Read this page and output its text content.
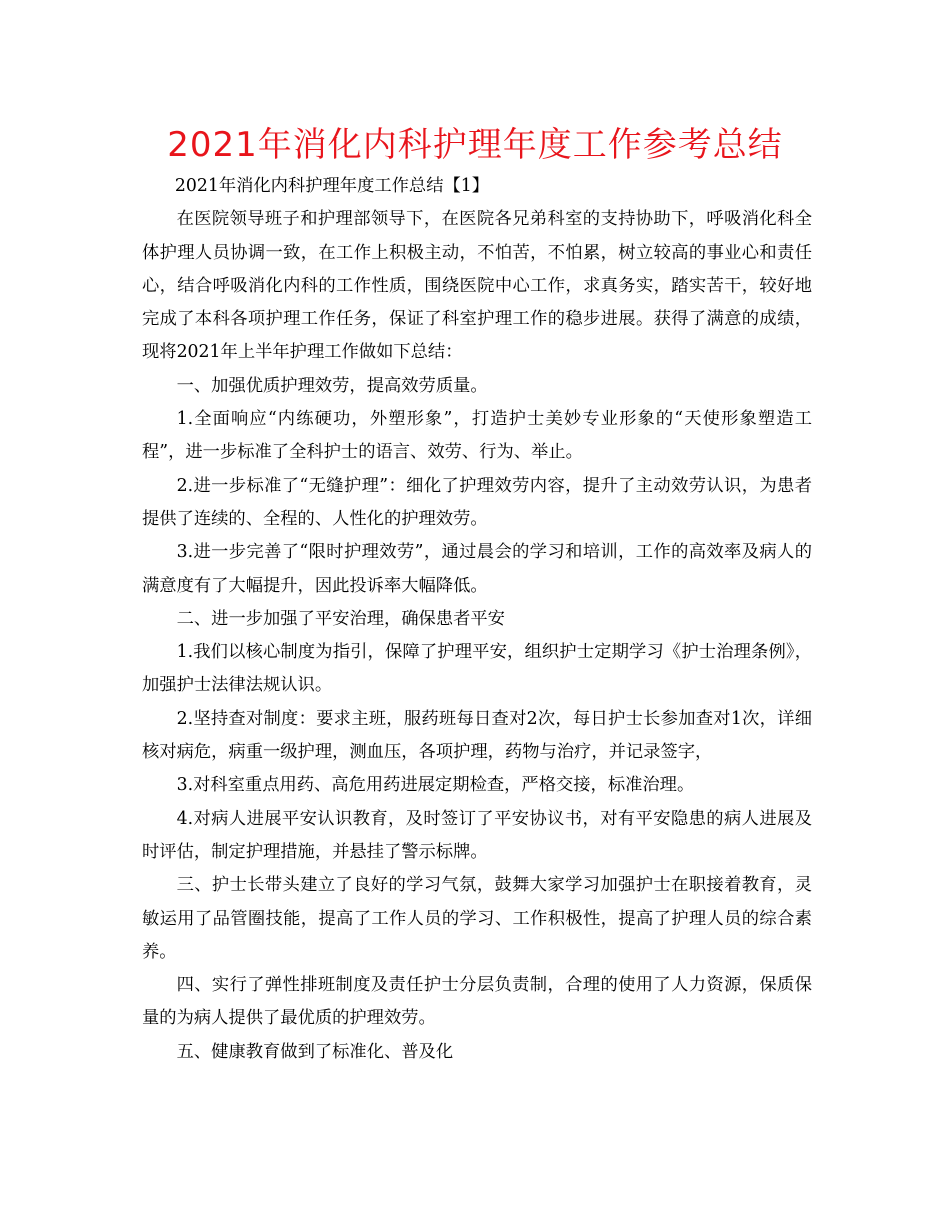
2021年消化内科护理年度工作参考总结

2021年消化内科护理年度工作总结【1】

在医院领导班子和护理部领导下，在医院各兄弟科室的支持协助下，呼吸消化科全体护理人员协调一致，在工作上积极主动，不怕苦，不怕累，树立较高的事业心和责任心，结合呼吸消化内科的工作性质，围绕医院中心工作，求真务实，踏实苦干，较好地完成了本科各项护理工作任务，保证了科室护理工作的稳步进展。获得了满意的成绩，现将2021年上半年护理工作做如下总结：

一、加强优质护理效劳，提高效劳质量。

1.全面响应“内练硬功，外塑形象”，打造护士美妙专业形象的“天使形象塑造工程”，进一步标准了全科护士的语言、效劳、行为、举止。

2.进一步标准了“无缝护理”：细化了护理效劳内容，提升了主动效劳认识，为患者提供了连续的、全程的、人性化的护理效劳。

3.进一步完善了“限时护理效劳”，通过晨会的学习和培训，工作的高效率及病人的满意度有了大幅提升，因此投诉率大幅降低。

二、进一步加强了平安治理，确保患者平安

1.我们以核心制度为指引，保障了护理平安，组织护士定期学习《护士治理条例》，加强护士法律法规认识。

2.坚持查对制度：要求主班，服药班每日查对2次，每日护士长参加查对1次，详细核对病危，病重一级护理，测血压，各项护理，药物与治疗，并记录签字，

3.对科室重点用药、高危用药进展定期检查，严格交接，标准治理。

4.对病人进展平安认识教育，及时签订了平安协议书，对有平安隐患的病人进展及时评估，制定护理措施，并悬挂了警示标牌。

三、护士长带头建立了良好的学习气氛，鼓舞大家学习加强护士在职接着教育，灵敏运用了品管圈技能，提高了工作人员的学习、工作积极性，提高了护理人员的综合素养。

四、实行了弹性排班制度及责任护士分层负责制，合理的使用了人力资源，保质保量的为病人提供了最优质的护理效劳。

五、健康教育做到了标准化、普及化
